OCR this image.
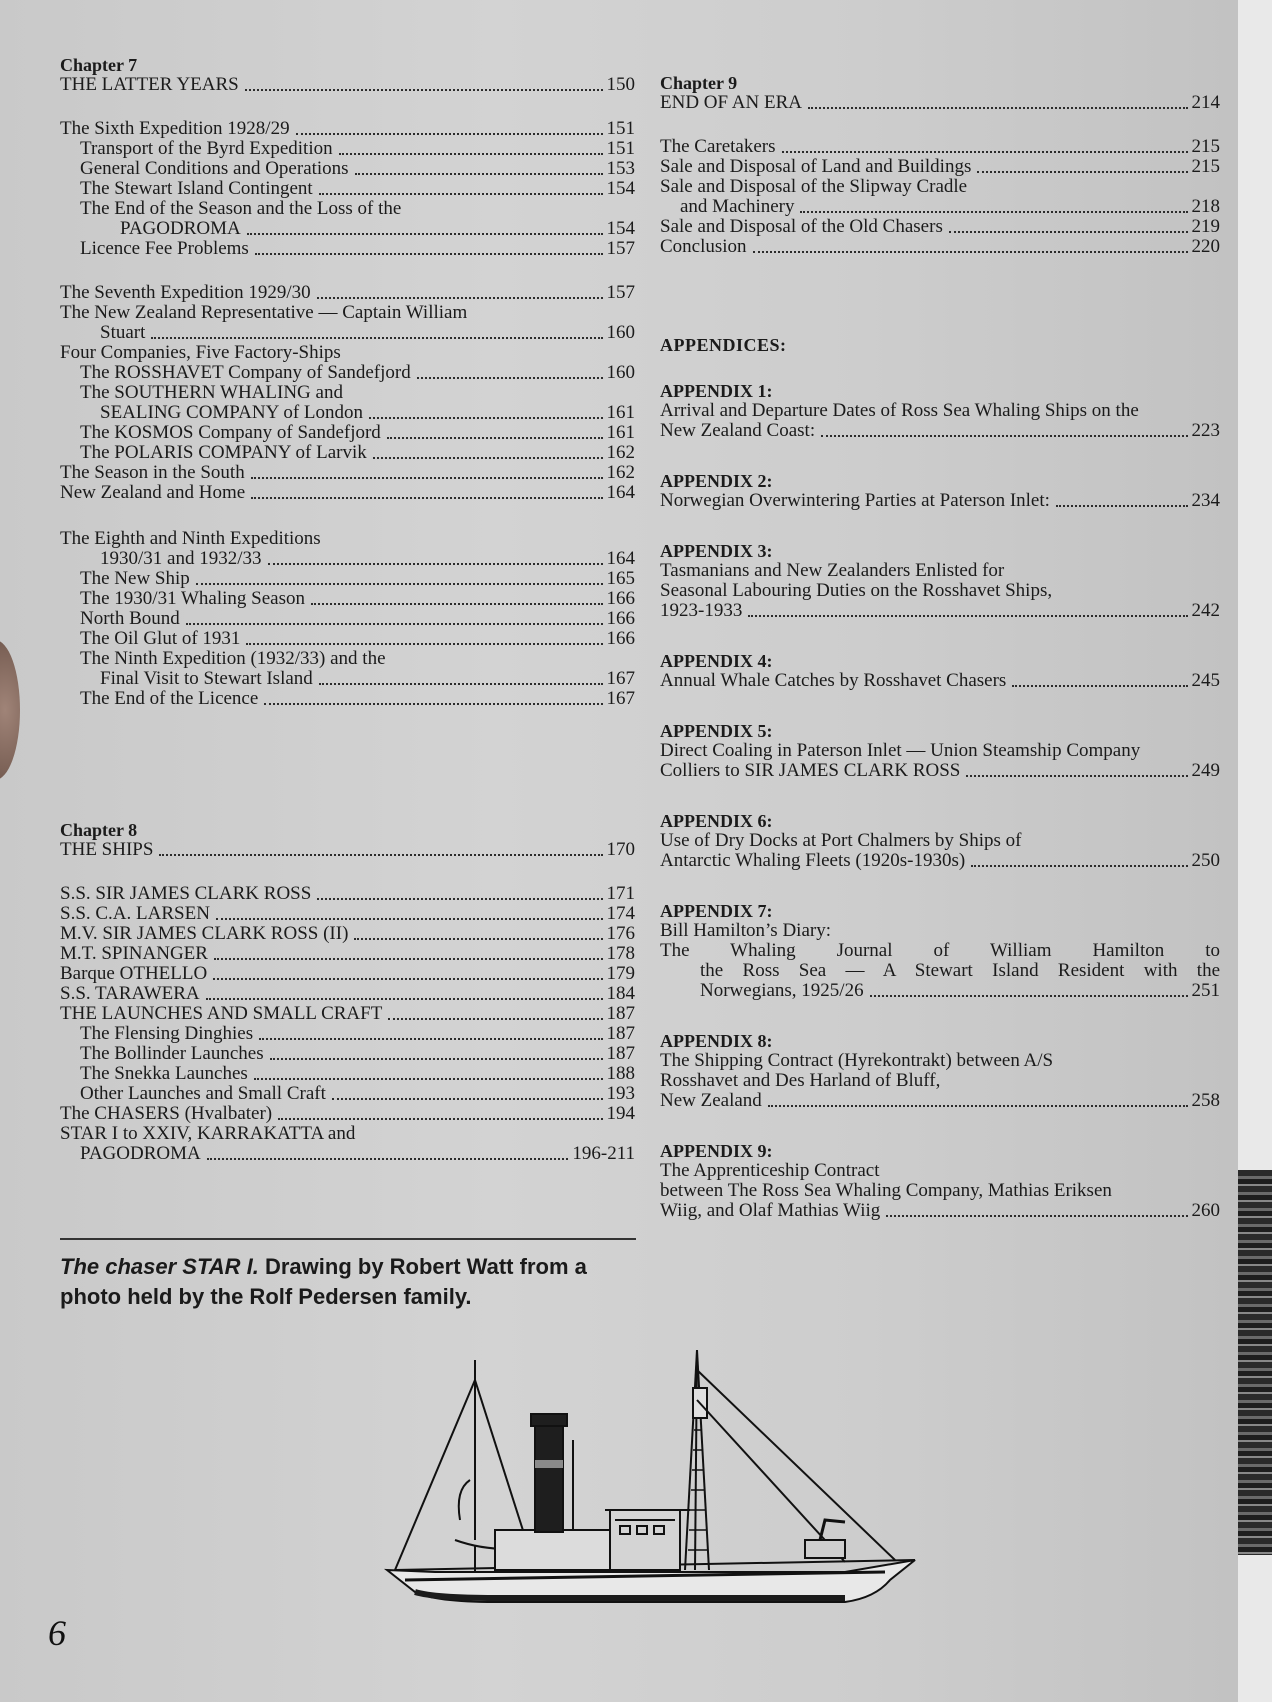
Chapter 7
THE LATTER YEARS	150
The Sixth Expedition 1928/29	151
Transport of the Byrd Expedition	151
General Conditions and Operations	153
The Stewart Island Contingent	154
The End of the Season and the Loss of the
PAGODROMA	154
Licence Fee Problems	157
The Seventh Expedition 1929/30	157
The New Zealand Representative — Captain William
Stuart	160
Four Companies, Five Factory-Ships
The ROSSHAVET Company of Sandefjord	160
The SOUTHERN WHALING and
SEALING COMPANY of London	161
The KOSMOS Company of Sandefjord	161
The POLARIS COMPANY of Larvik	162
The Season in the South	162
New Zealand and Home	164
The Eighth and Ninth Expeditions
1930/31 and 1932/33	164
The New Ship	165
The 1930/31 Whaling Season	166
North Bound	166
The Oil Glut of 1931	166
The Ninth Expedition (1932/33) and the
Final Visit to Stewart Island	167
The End of the Licence	167
Chapter 8
THE SHIPS	170
S.S. SIR JAMES CLARK ROSS	171
S.S. C.A. LARSEN	174
M.V. SIR JAMES CLARK ROSS (II)	176
M.T. SPINANGER	178
Barque OTHELLO	179
S.S. TARAWERA	184
THE LAUNCHES AND SMALL CRAFT	187
The Flensing Dinghies	187
The Bollinder Launches	187
The Snekka Launches	188
Other Launches and Small Craft	193
The CHASERS (Hvalbater)	194
STAR I to XXIV, KARRAKATTA and
PAGODROMA	196-211
Chapter 9
END OF AN ERA	214
The Caretakers	215
Sale and Disposal of Land and Buildings	215
Sale and Disposal of the Slipway Cradle
and Machinery	218
Sale and Disposal of the Old Chasers	219
Conclusion	220
APPENDICES:
APPENDIX 1:
Arrival and Departure Dates of Ross Sea Whaling Ships on the
New Zealand Coast:	223
APPENDIX 2:
Norwegian Overwintering Parties at Paterson Inlet:	234
APPENDIX 3:
Tasmanians and New Zealanders Enlisted for
Seasonal Labouring Duties on the Rosshavet Ships,
1923-1933	242
APPENDIX 4:
Annual Whale Catches by Rosshavet Chasers	245
APPENDIX 5:
Direct Coaling in Paterson Inlet — Union Steamship Company
Colliers to SIR JAMES CLARK ROSS	249
APPENDIX 6:
Use of Dry Docks at Port Chalmers by Ships of
Antarctic Whaling Fleets (1920s-1930s)	250
APPENDIX 7:
Bill Hamilton’s Diary:
The Whaling Journal of William Hamilton to
the Ross Sea — A Stewart Island Resident with the
Norwegians, 1925/26	251
APPENDIX 8:
The Shipping Contract (Hyrekontrakt) between A/S
Rosshavet and Des Harland of Bluff,
New Zealand	258
APPENDIX 9:
The Apprenticeship Contract
between The Ross Sea Whaling Company, Mathias Eriksen
Wiig, and Olaf Mathias Wiig	260
The chaser STAR I. Drawing by Robert Watt from a photo held by the Rolf Pedersen family.
6
